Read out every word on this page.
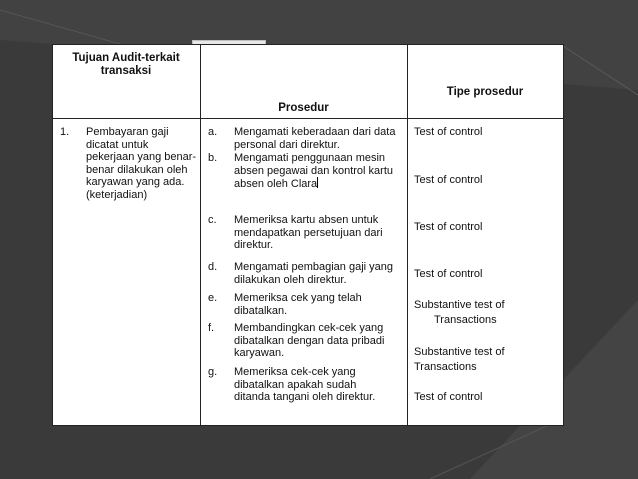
Tujuan Audit-terkait transaksi
Prosedur
Tipe prosedur
1. Pembayaran gaji dicatat untuk pekerjaan yang benar-benar dilakukan oleh karyawan yang ada.(keterjadian)
a. Mengamati keberadaan dari data personal dari direktur.
b. Mengamati penggunaan mesin absen pegawai dan kontrol kartu absen oleh Clara
c. Memeriksa kartu absen untuk mendapatkan persetujuan dari direktur.
d. Mengamati pembagian gaji yang dilakukan oleh direktur.
e. Memeriksa cek yang telah dibatalkan.
f. Membandingkan cek-cek yang dibatalkan dengan data pribadi karyawan.
g. Memeriksa cek-cek yang dibatalkan apakah sudah ditanda tangani oleh direktur.
Test of control
Test of control
Test of control
Test of control
Substantive test of
Transactions
Substantive test of
Transactions
Test of control
